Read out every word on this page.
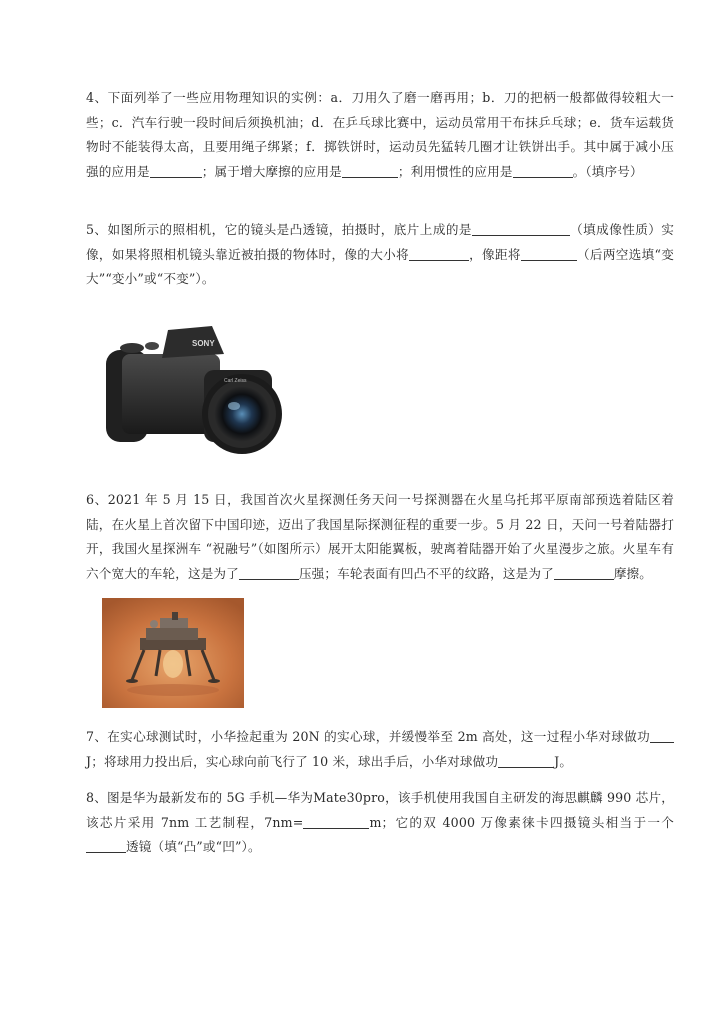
4、下面列举了一些应用物理知识的实例：a．刀用久了磨一磨再用；b．刀的把柄一般都做得较粗大一些；c．汽车行驶一段时间后须换机油；d．在乒乓球比赛中，运动员常用干布抹乒乓球；e．货车运载货物时不能装得太高，且要用绳子绑紧；f．掷铁饼时，运动员先猛转几圈才让铁饼出手。其中属于减小压强的应用是	；属于增大摩擦的应用是	；利用惯性的应用是	。（填序号）
5、如图所示的照相机，它的镜头是凸透镜，拍摄时，底片上成的是	（填成像性质）实像，如果将照相机镜头靠近被拍摄的物体时，像的大小将	，像距将	（后两空选填“变大”“变小”或“不变”）。
SONY
Carl Zeiss
6、2021 年 5 月 15 日，我国首次火星探测任务天问一号探测器在火星乌托邦平原南部预选着陆区着陆，在火星上首次留下中国印迹，迈出了我国星际探测征程的重要一步。5 月 22 日，天问一号着陆器打开，我国火星探洲车 “祝融号”（如图所示）展开太阳能翼板，驶离着陆器开始了火星漫步之旅。火星车有六个宽大的车轮，这是为了	压强；车轮表面有凹凸不平的纹路，这是为了	摩擦。
7、在实心球测试时，小华捡起重为 20N 的实心球，并缓慢举至 2m 高处，这一过程小华对球做功J；将球用力投出后，实心球向前飞行了 10 米，球出手后，小华对球做功	J。
8、图是华为最新发布的 5G 手机—华为Mate30pro，该手机使用我国自主研发的海思麒麟 990 芯片，该芯片采用 7nm 工艺制程，7nm=	m；它的双 4000 万像素徕卡四摄镜头相当于一个透镜（填“凸”或“凹”）。
